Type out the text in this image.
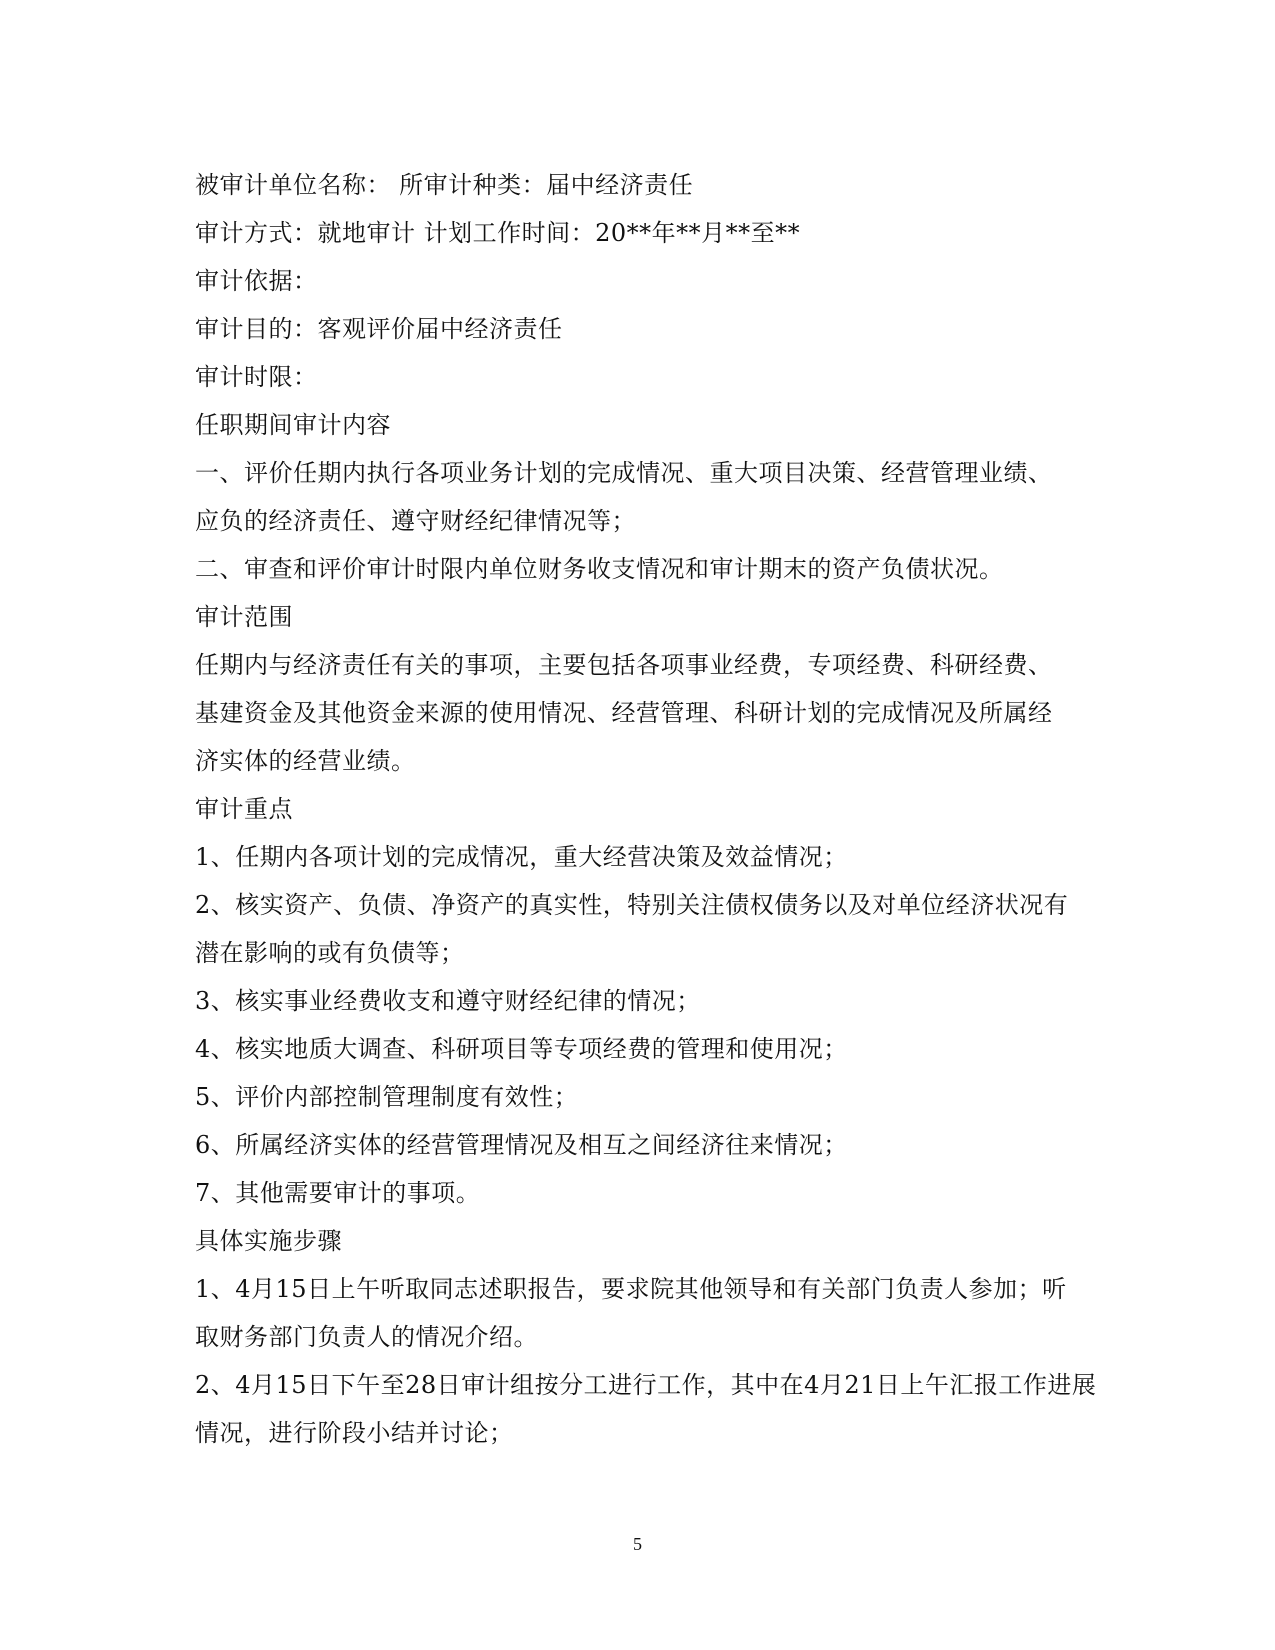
被审计单位名称： 所审计种类：届中经济责任
审计方式：就地审计 计划工作时间：20**年**月**至**
审计依据：
审计目的：客观评价届中经济责任
审计时限：
任职期间审计内容
一、评价任期内执行各项业务计划的完成情况、重大项目决策、经营管理业绩、
应负的经济责任、遵守财经纪律情况等；
二、审查和评价审计时限内单位财务收支情况和审计期末的资产负债状况。
审计范围
任期内与经济责任有关的事项，主要包括各项事业经费，专项经费、科研经费、
基建资金及其他资金来源的使用情况、经营管理、科研计划的完成情况及所属经
济实体的经营业绩。
审计重点
1、任期内各项计划的完成情况，重大经营决策及效益情况；
2、核实资产、负债、净资产的真实性，特别关注债权债务以及对单位经济状况有
潜在影响的或有负债等；
3、核实事业经费收支和遵守财经纪律的情况；
4、核实地质大调查、科研项目等专项经费的管理和使用况；
5、评价内部控制管理制度有效性；
6、所属经济实体的经营管理情况及相互之间经济往来情况；
7、其他需要审计的事项。
具体实施步骤
1、4月15日上午听取同志述职报告，要求院其他领导和有关部门负责人参加；听
取财务部门负责人的情况介绍。
2、4月15日下午至28日审计组按分工进行工作，其中在4月21日上午汇报工作进展
情况，进行阶段小结并讨论；
5
